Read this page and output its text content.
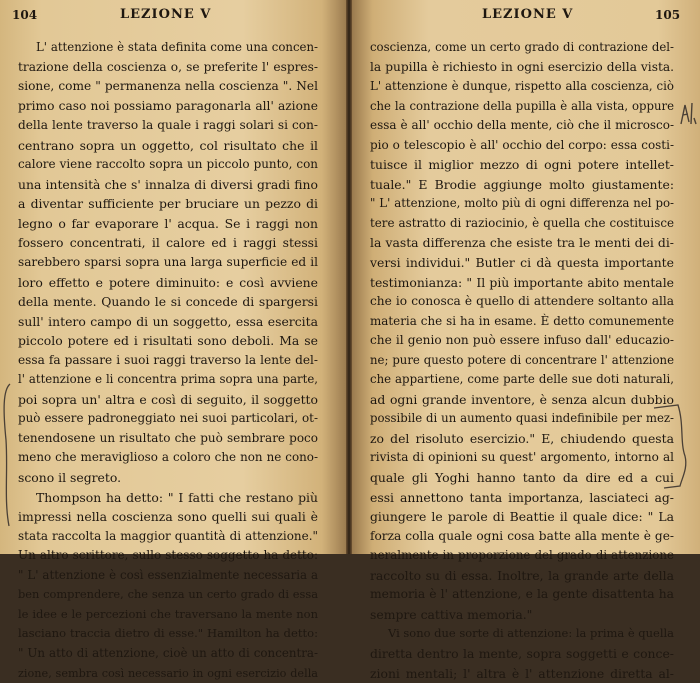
104	LEZIONE V
L' attenzione è stata definita come una concen-
trazione della coscienza o, se preferite l' espres-
sione, come " permanenza nella coscienza ". Nel
primo caso noi possiamo paragonarla all' azione
della lente traverso la quale i raggi solari si con-
centrano sopra un oggetto, col risultato che il
calore viene raccolto sopra un piccolo punto, con
una intensità che s' innalza di diversi gradi fino
a diventar sufficiente per bruciare un pezzo di
legno o far evaporare l' acqua. Se i raggi non
fossero concentrati, il calore ed i raggi stessi
sarebbero sparsi sopra una larga superficie ed il
loro effetto e potere diminuito: e così avviene
della mente. Quando le si concede di spargersi
sull' intero campo di un soggetto, essa esercita
piccolo potere ed i risultati sono deboli. Ma se
essa fa passare i suoi raggi traverso la lente del-
l' attenzione e li concentra prima sopra una parte,
poi sopra un' altra e così di seguito, il soggetto
può essere padroneggiato nei suoi particolari, ot-
tenendosene un risultato che può sembrare poco
meno che meraviglioso a coloro che non ne cono-
scono il segreto.
Thompson ha detto: " I fatti che restano più
impressi nella coscienza sono quelli sui quali è
stata raccolta la maggior quantità di attenzione."
Un altro scrittore, sullo stesso soggetto ha detto:
" L' attenzione è così essenzialmente necessaria a
ben comprendere, che senza un certo grado di essa
le idee e le percezioni che traversano la mente non
lasciano traccia dietro di esse." Hamilton ha detto:
" Un atto di attenzione, cioè un atto di concentra-
zione, sembra così necessario in ogni esercizio della
LEZIONE V	105
coscienza, come un certo grado di contrazione del-
la pupilla è richiesto in ogni esercizio della vista.
L' attenzione è dunque, rispetto alla coscienza, ciò
che la contrazione della pupilla è alla vista, oppure
essa è all' occhio della mente, ciò che il microsco-
pio o telescopio è all' occhio del corpo: essa costi-
tuisce il miglior mezzo di ogni potere intellet-
tuale." E Brodie aggiunge molto giustamente:
" L' attenzione, molto più di ogni differenza nel po-
tere astratto di raziocinio, è quella che costituisce
la vasta differenza che esiste tra le menti dei di-
versi individui." Butler ci dà questa importante
testimonianza: " Il più importante abito mentale
che io conosca è quello di attendere soltanto alla
materia che si ha in esame. È detto comunemente
che il genio non può essere infuso dall' educazio-
ne; pure questo potere di concentrare l' attenzione
che appartiene, come parte delle sue doti naturali,
ad ogni grande inventore, è senza alcun dubbio
possibile di un aumento quasi indefinibile per mez-
zo del risoluto esercizio." E, chiudendo questa
rivista di opinioni su quest' argomento, intorno al
quale gli Yoghi hanno tanto da dire ed a cui
essi annettono tanta importanza, lasciateci ag-
giungere le parole di Beattie il quale dice: " La
forza colla quale ogni cosa batte alla mente è ge-
neralmente in proporzione del grado di attenzione
raccolto su di essa. Inoltre, la grande arte della
memoria è l' attenzione, e la gente disattenta ha
sempre cattiva memoria."
Vi sono due sorte di attenzione: la prima è quella
diretta dentro la mente, sopra soggetti e conce-
zioni mentali; l' altra è l' attenzione diretta al-
